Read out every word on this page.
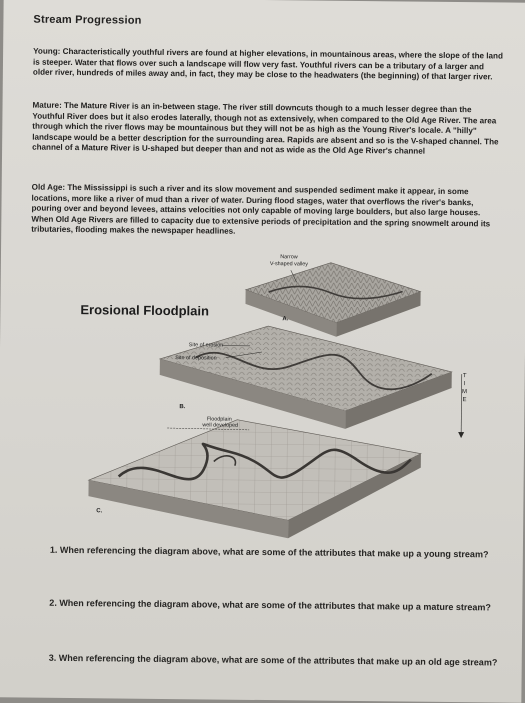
Stream Progression
Young: Characteristically youthful rivers are found at higher elevations, in mountainous areas, where the slope of the land is steeper. Water that flows over such a landscape will flow very fast. Youthful rivers can be a tributary of a larger and older river, hundreds of miles away and, in fact, they may be close to the headwaters (the beginning) of that larger river.
Mature: The Mature River is an in-between stage. The river still downcuts though to a much lesser degree than the Youthful River does but it also erodes laterally, though not as extensively, when compared to the Old Age River. The area through which the river flows may be mountainous but they will not be as high as the Young River's locale. A "hilly" landscape would be a better description for the surrounding area. Rapids are absent and so is the V-shaped channel. The channel of a Mature River is U-shaped but deeper than and not as wide as the Old Age River's channel
Old Age: The Mississippi is such a river and its slow movement and suspended sediment make it appear, in some locations, more like a river of mud than a river of water. During flood stages, water that overflows the river's banks, pouring over and beyond levees, attains velocities not only capable of moving large boulders, but also large houses. When Old Age Rivers are filled to capacity due to extensive periods of precipitation and the spring snowmelt around its tributaries, flooding makes the newspaper headlines.
Erosional Floodplain
Narrow
V-shaped valley
A.
Site of erosion
Site of deposition
B.
Floodplain
well developed
C.
T
I
M
E
1. When referencing the diagram above, what are some of the attributes that make up a young stream?
2. When referencing the diagram above, what are some of the attributes that make up a mature stream?
3. When referencing the diagram above, what are some of the attributes that make up an old age stream?
